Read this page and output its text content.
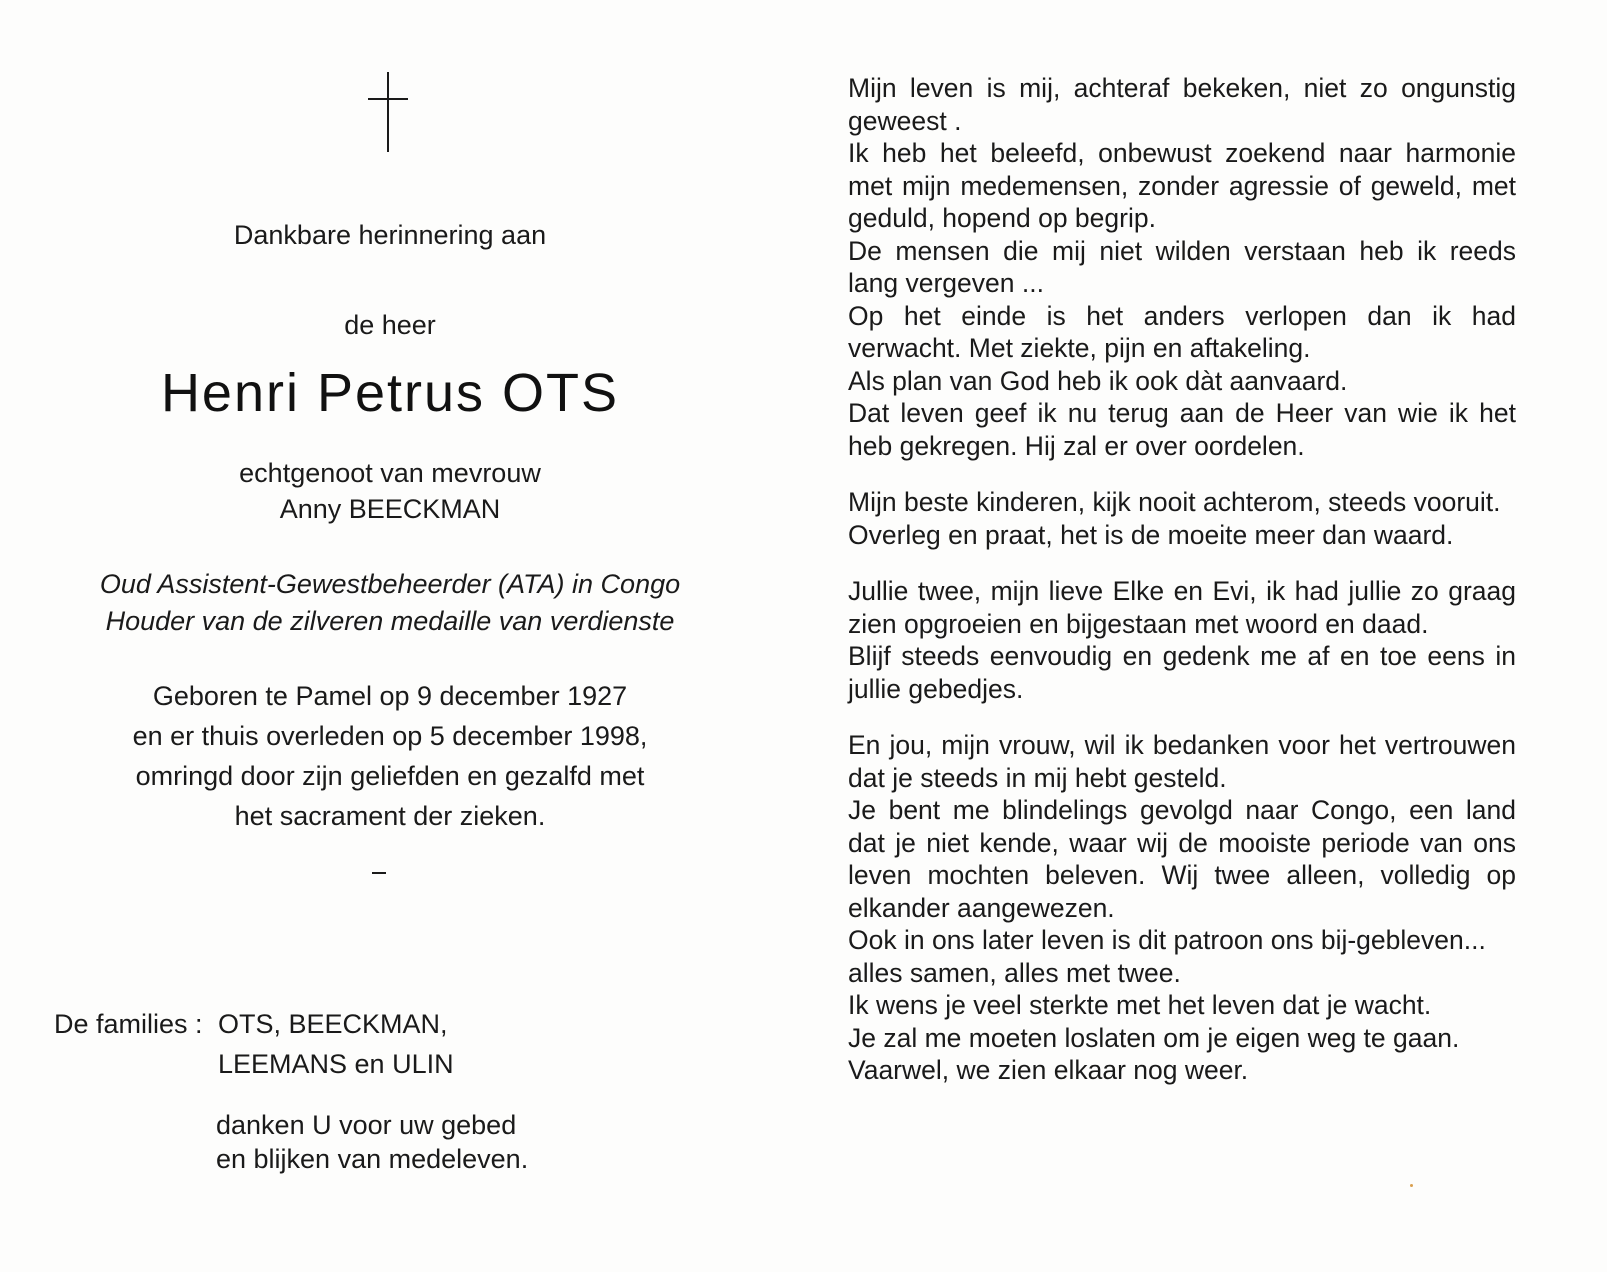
Dankbare herinnering aan

de heer

Henri Petrus OTS

echtgenoot van mevrouw

Anny BEECKMAN

Oud Assistent-Gewestbeheerder (ATA) in Congo

Houder van de zilveren medaille van verdienste

Geboren te Pamel op 9 december 1927
en er thuis overleden op 5 december 1998,
omringd door zijn geliefden en gezalfd met
het sacrament der zieken.
De families : OTS, BEECKMAN,
LEEMANS en ULIN
danken U voor uw gebed
en blijken van medeleven.

Mijn leven is mij, achteraf bekeken, niet zo ongunstig geweest .

Ik heb het beleefd, onbewust zoekend naar harmonie met mijn medemensen, zonder agressie of geweld, met geduld, hopend op begrip.

De mensen die mij niet wilden verstaan heb ik reeds lang vergeven ...

Op het einde is het anders verlopen dan ik had verwacht. Met ziekte, pijn en aftakeling.

Als plan van God heb ik ook dàt aanvaard.

Dat leven geef ik nu terug aan de Heer van wie ik het heb gekregen. Hij zal er over oordelen.

Mijn beste kinderen, kijk nooit achterom, steeds vooruit.

Overleg en praat, het is de moeite meer dan waard.

Jullie twee, mijn lieve Elke en Evi, ik had jullie zo graag zien opgroeien en bijgestaan met woord en daad.

Blijf steeds eenvoudig en gedenk me af en toe eens in jullie gebedjes.

En jou, mijn vrouw, wil ik bedanken voor het vertrouwen dat je steeds in mij hebt gesteld.

Je bent me blindelings gevolgd naar Congo, een land dat je niet kende, waar wij de mooiste periode van ons leven mochten beleven. Wij twee alleen, volledig op elkander aangewezen.

Ook in ons later leven is dit patroon ons bij-gebleven...

alles samen, alles met twee.

Ik wens je veel sterkte met het leven dat je wacht.

Je zal me moeten loslaten om je eigen weg te gaan.

Vaarwel, we zien elkaar nog weer.
